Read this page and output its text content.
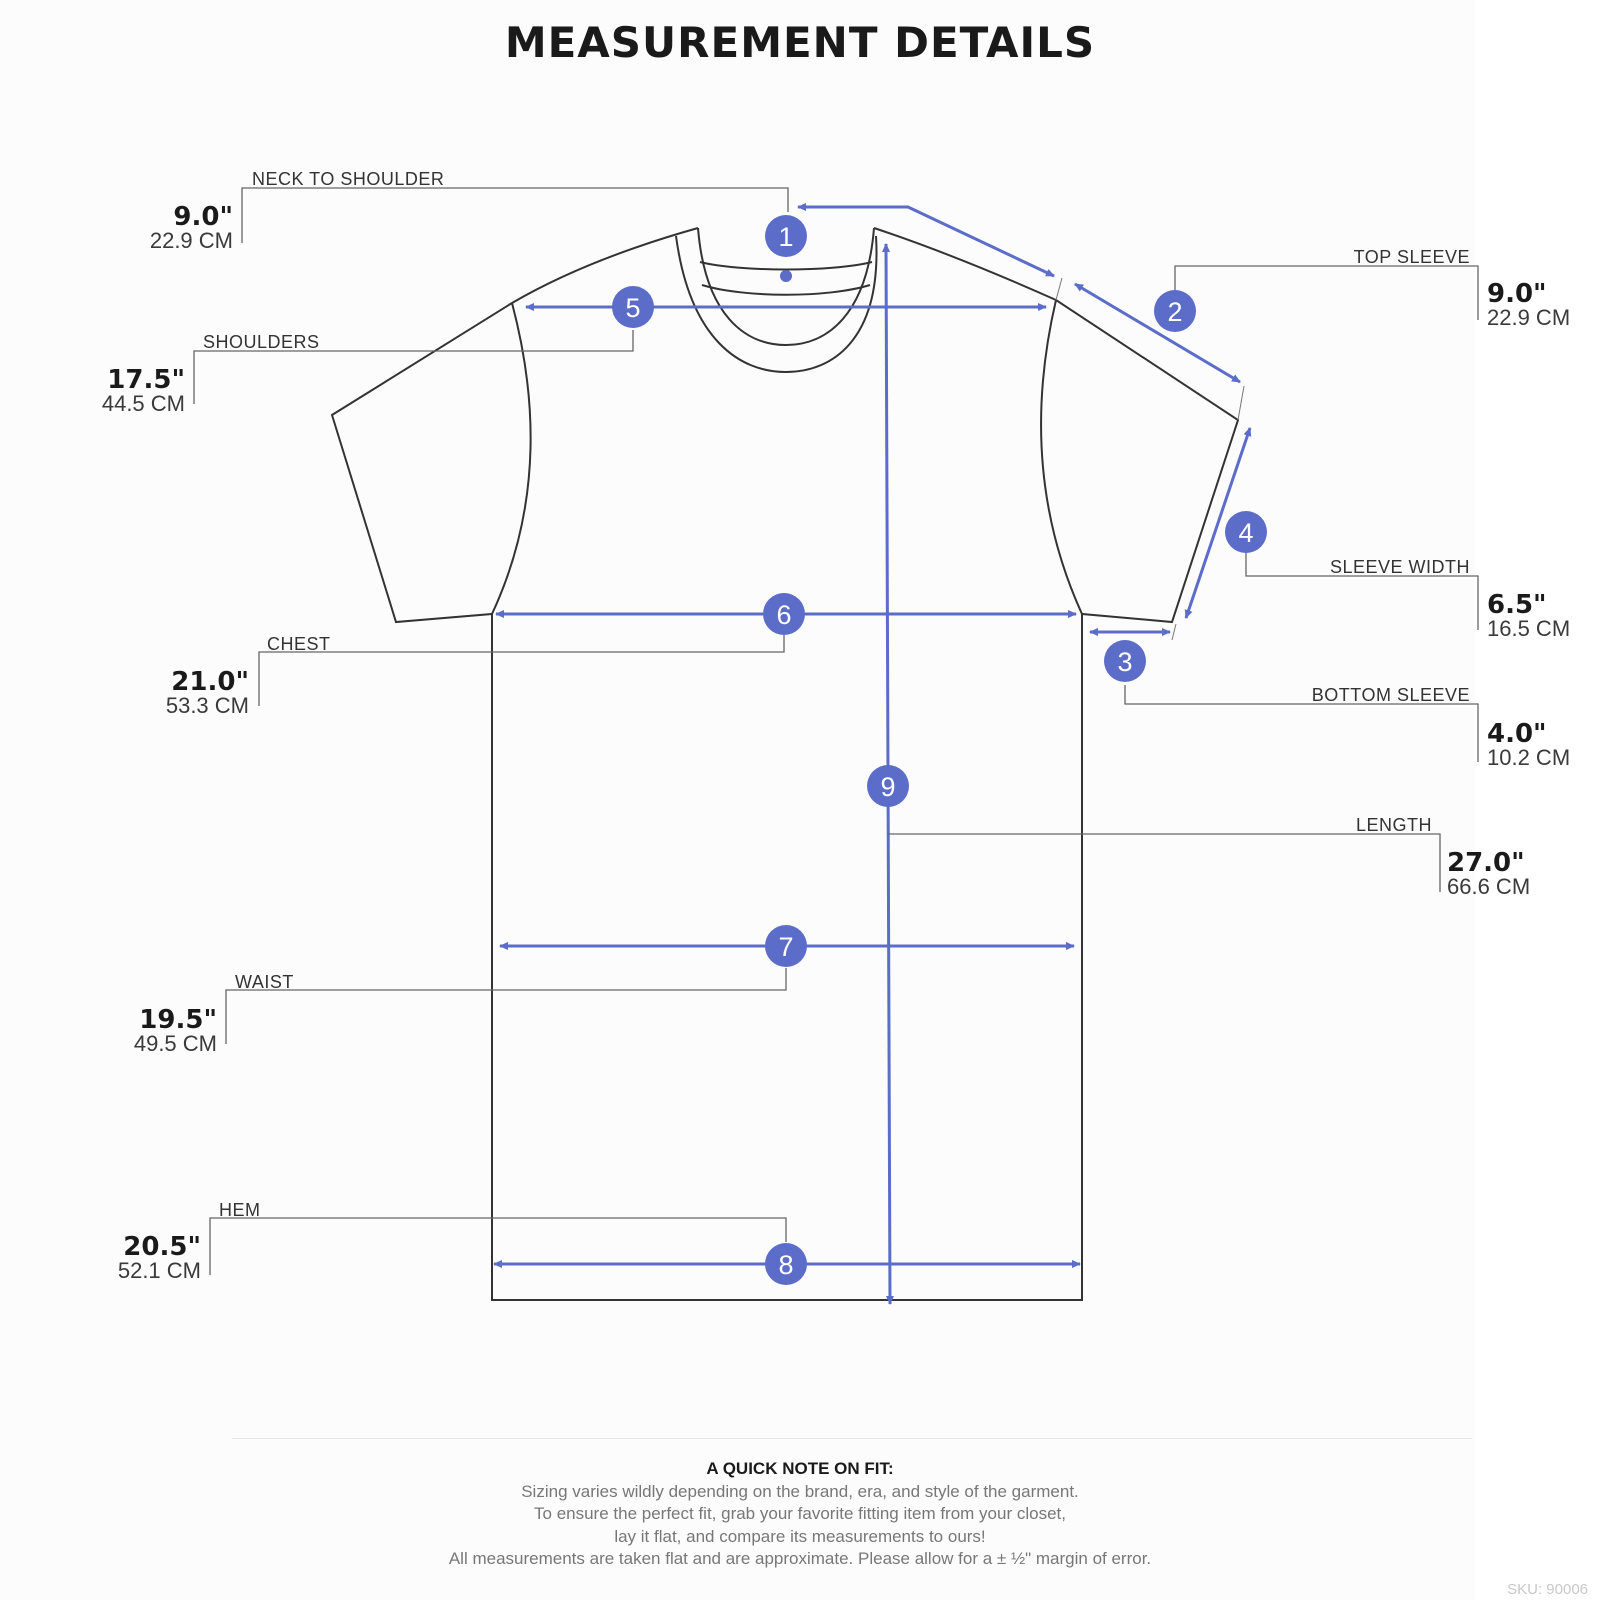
MEASUREMENT DETAILS
1
2
3
4
5
6
7
8
9
NECK TO SHOULDER
9.0"
22.9 CM
SHOULDERS
17.5"
44.5 CM
CHEST
21.0"
53.3 CM
WAIST
19.5"
49.5 CM
HEM
20.5"
52.1 CM
TOP SLEEVE
9.0"
22.9 CM
SLEEVE WIDTH
6.5"
16.5 CM
BOTTOM SLEEVE
4.0"
10.2 CM
LENGTH
27.0"
66.6 CM
A QUICK NOTE ON FIT:
Sizing varies wildly depending on the brand, era, and style of the garment.
To ensure the perfect fit, grab your favorite fitting item from your closet,
lay it flat, and compare its measurements to ours!
All measurements are taken flat and are approximate. Please allow for a ± ½" margin of error.
SKU: 90006
